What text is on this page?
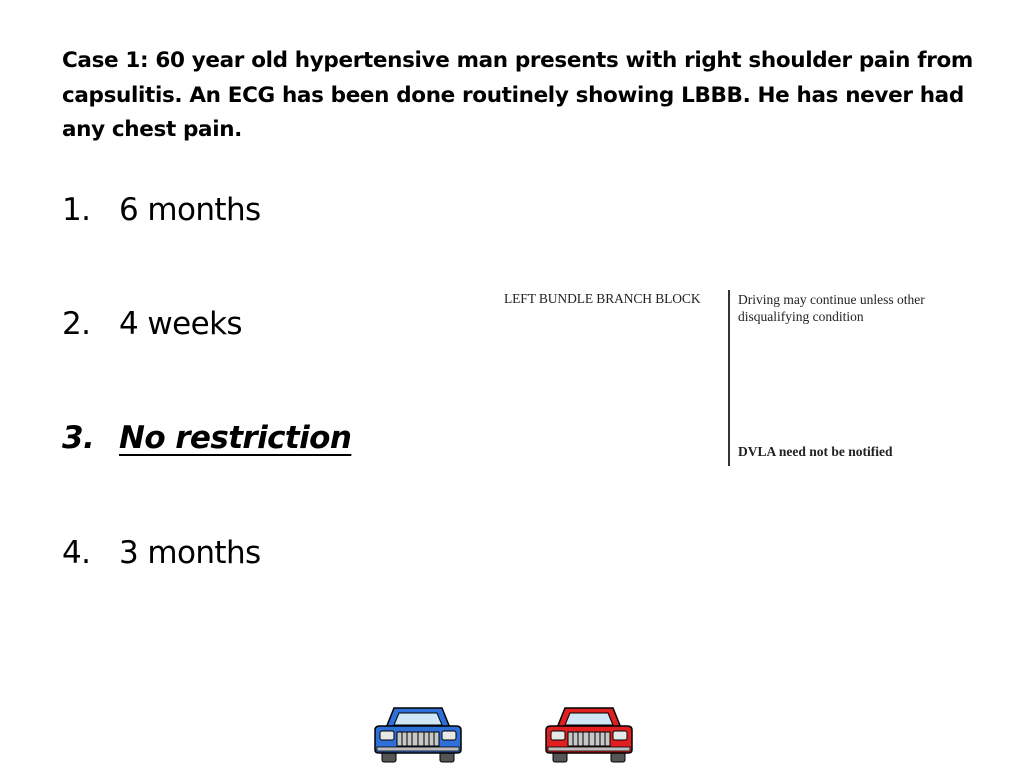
Case 1: 60 year old hypertensive man presents with right shoulder pain from capsulitis. An ECG has been done routinely showing LBBB. He has never had any chest pain.
1. 6 months
2. 4 weeks
3. No restriction
4. 3 months
LEFT BUNDLE BRANCH BLOCK	Driving may continue unless other disqualifying condition
DVLA need not be notified
